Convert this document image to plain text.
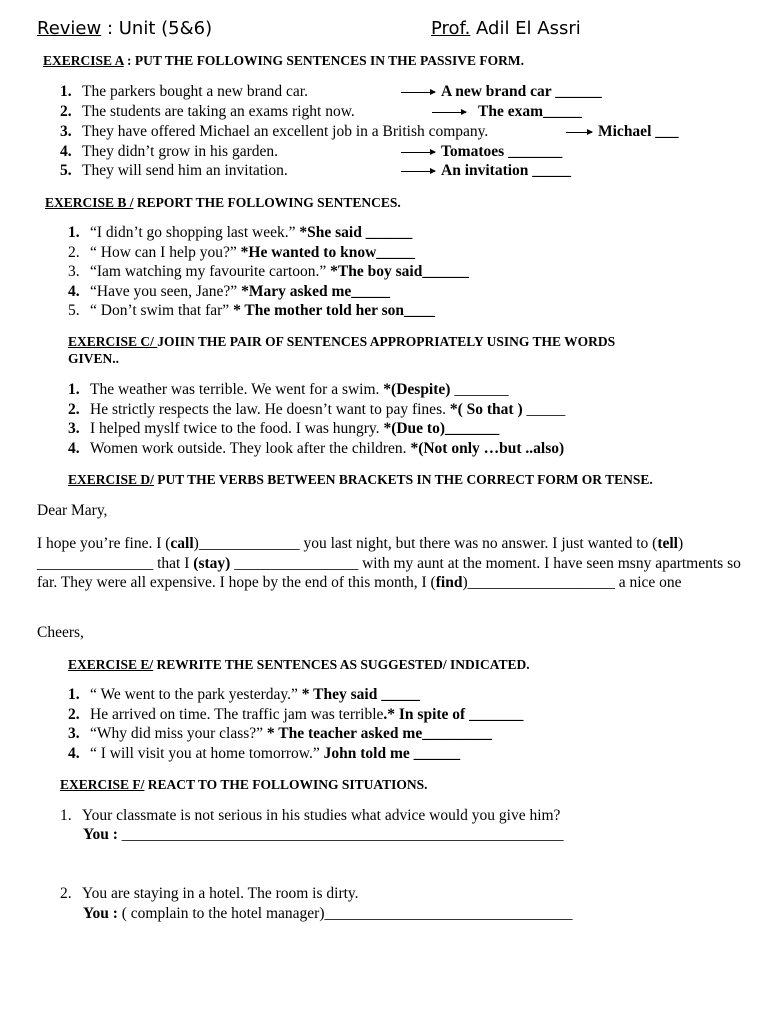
Review : Unit (5&6)	Prof. Adil El Assri
EXERCISE A : PUT THE FOLLOWING SENTENCES IN THE PASSIVE FORM.
1. The parkers bought a new brand car.	A new brand car ______
2. The students are taking an exams right now.	The exam_____
3. They have offered Michael an excellent job in a British company.	Michael ___
4. They didn’t grow in his garden.	Tomatoes _______
5. They will send him an invitation.	An invitation _____
EXERCISE B / REPORT THE FOLLOWING SENTENCES.
1. “I didn’t go shopping last week.” *She said ______
2. “ How can I help you?” *He wanted to know_____
3. “Iam watching my favourite cartoon.” *The boy said______
4. “Have you seen, Jane?” *Mary asked me_____
5. “ Don’t swim that far” * The mother told her son____
EXERCISE C/ JOIIN THE PAIR OF SENTENCES APPROPRIATELY USING THE WORDS
GIVEN..
1. The weather was terrible. We went for a swim. *(Despite) _______
2. He strictly respects the law. He doesn’t want to pay fines. *( So that ) _____
3. I helped myslf twice to the food. I was hungry. *(Due to)_______
4. Women work outside. They look after the children. *(Not only …but ..also)
EXERCISE D/ PUT THE VERBS BETWEEN BRACKETS IN THE CORRECT FORM OR TENSE.
Dear Mary,
I hope you’re fine. I (call)_____________ you last night, but there was no answer. I just wanted to (tell) _______________ that I (stay) ________________ with my aunt at the moment. I have seen msny apartments so far. They were all expensive. I hope by the end of this month, I (find)___________________ a nice one
Cheers,
EXERCISE E/ REWRITE THE SENTENCES AS SUGGESTED/ INDICATED.
1. “ We went to the park yesterday.” * They said _____
2. He arrived on time. The traffic jam was terrible.* In spite of _______
3. “Why did miss your class?” * The teacher asked me_________
4. “ I will visit you at home tomorrow.” John told me ______
EXERCISE F/ REACT TO THE FOLLOWING SITUATIONS.
1. Your classmate is not serious in his studies what advice would you give him?
You : _________________________________________________________
2. You are staying in a hotel. The room is dirty.
You : ( complain to the hotel manager)________________________________
